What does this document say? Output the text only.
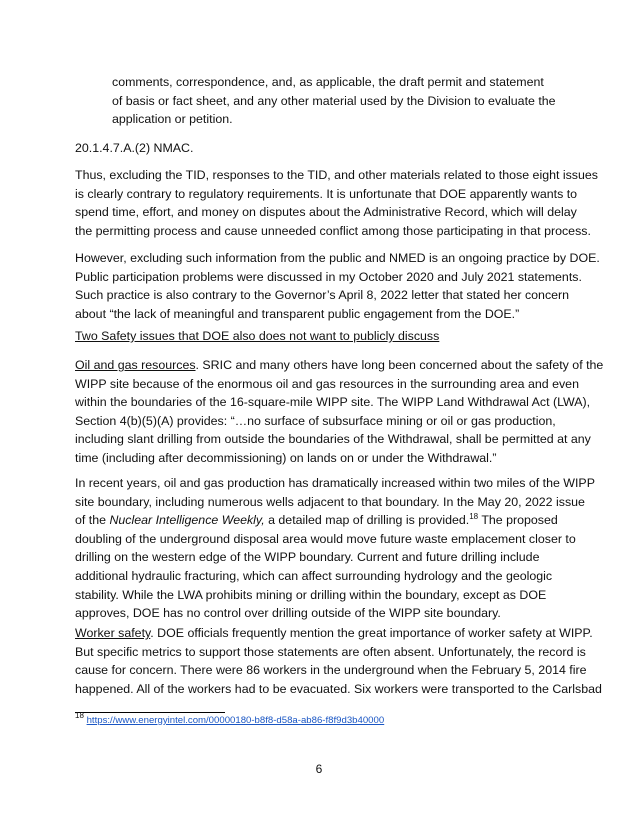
comments, correspondence, and, as applicable, the draft permit and statement
of basis or fact sheet, and any other material used by the Division to evaluate the
application or petition.

20.1.4.7.A.(2) NMAC.

Thus, excluding the TID, responses to the TID, and other materials related to those eight issues
is clearly contrary to regulatory requirements. It is unfortunate that DOE apparently wants to
spend time, effort, and money on disputes about the Administrative Record, which will delay
the permitting process and cause unneeded conflict among those participating in that process.

However, excluding such information from the public and NMED is an ongoing practice by DOE.
Public participation problems were discussed in my October 2020 and July 2021 statements.
Such practice is also contrary to the Governor’s April 8, 2022 letter that stated her concern
about “the lack of meaningful and transparent public engagement from the DOE.”

Two Safety issues that DOE also does not want to publicly discuss

Oil and gas resources. SRIC and many others have long been concerned about the safety of the
WIPP site because of the enormous oil and gas resources in the surrounding area and even
within the boundaries of the 16-square-mile WIPP site. The WIPP Land Withdrawal Act (LWA),
Section 4(b)(5)(A) provides: “…no surface of subsurface mining or oil or gas production,
including slant drilling from outside the boundaries of the Withdrawal, shall be permitted at any
time (including after decommissioning) on lands on or under the Withdrawal.”

In recent years, oil and gas production has dramatically increased within two miles of the WIPP
site boundary, including numerous wells adjacent to that boundary. In the May 20, 2022 issue
of the Nuclear Intelligence Weekly, a detailed map of drilling is provided.$^{18}$ The proposed
doubling of the underground disposal area would move future waste emplacement closer to
drilling on the western edge of the WIPP boundary. Current and future drilling include
additional hydraulic fracturing, which can affect surrounding hydrology and the geologic
stability. While the LWA prohibits mining or drilling within the boundary, except as DOE
approves, DOE has no control over drilling outside of the WIPP site boundary.

Worker safety. DOE officials frequently mention the great importance of worker safety at WIPP.
But specific metrics to support those statements are often absent. Unfortunately, the record is
cause for concern. There were 86 workers in the underground when the February 5, 2014 fire
happened. All of the workers had to be evacuated. Six workers were transported to the Carlsbad

$^{18}$ https://www.energyintel.com/00000180-b8f8-d58a-ab86-f8f9d3b40000
6
